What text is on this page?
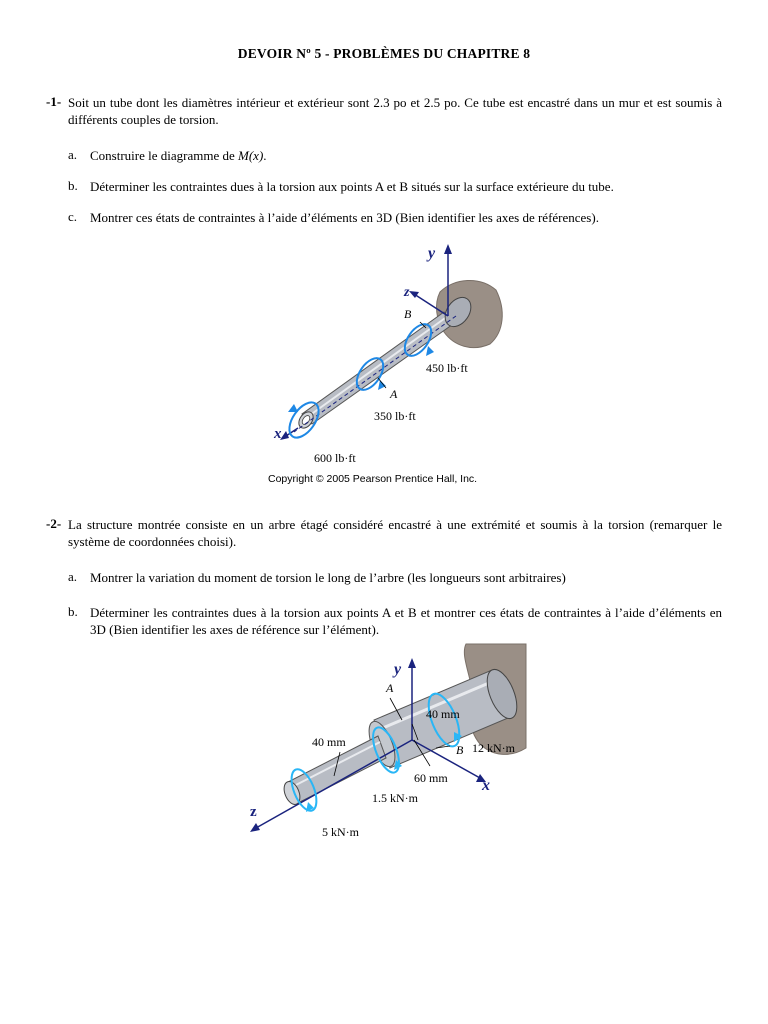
DEVOIR Nº 5 - PROBLÈMES DU CHAPITRE 8
-1- Soit un tube dont les diamètres intérieur et extérieur sont 2.3 po et 2.5 po. Ce tube est encastré dans un mur et est soumis à différents couples de torsion.
a. Construire le diagramme de M(x).
b. Déterminer les contraintes dues à la torsion aux points A et B situés sur la surface extérieure du tube.
c. Montrer ces états de contraintes à l’aide d’éléments en 3D (Bien identifier les axes de références).
y
z
x
B
A
450 lb·ft
350 lb·ft
600 lb·ft
Copyright © 2005 Pearson Prentice Hall, Inc.
-2- La structure montrée consiste en un arbre étagé considéré encastré à une extrémité et soumis à la torsion (remarquer le système de coordonnées choisi).
a. Montrer la variation du moment de torsion le long de l’arbre (les longueurs sont arbitraires)
b. Déterminer les contraintes dues à la torsion aux points A et B et montrer ces états de contraintes à l’aide d’éléments en 3D (Bien identifier les axes de référence sur l’élément).
y
x
z
A
B
40 mm
40 mm
60 mm
12 kN·m
1.5 kN·m
5 kN·m
